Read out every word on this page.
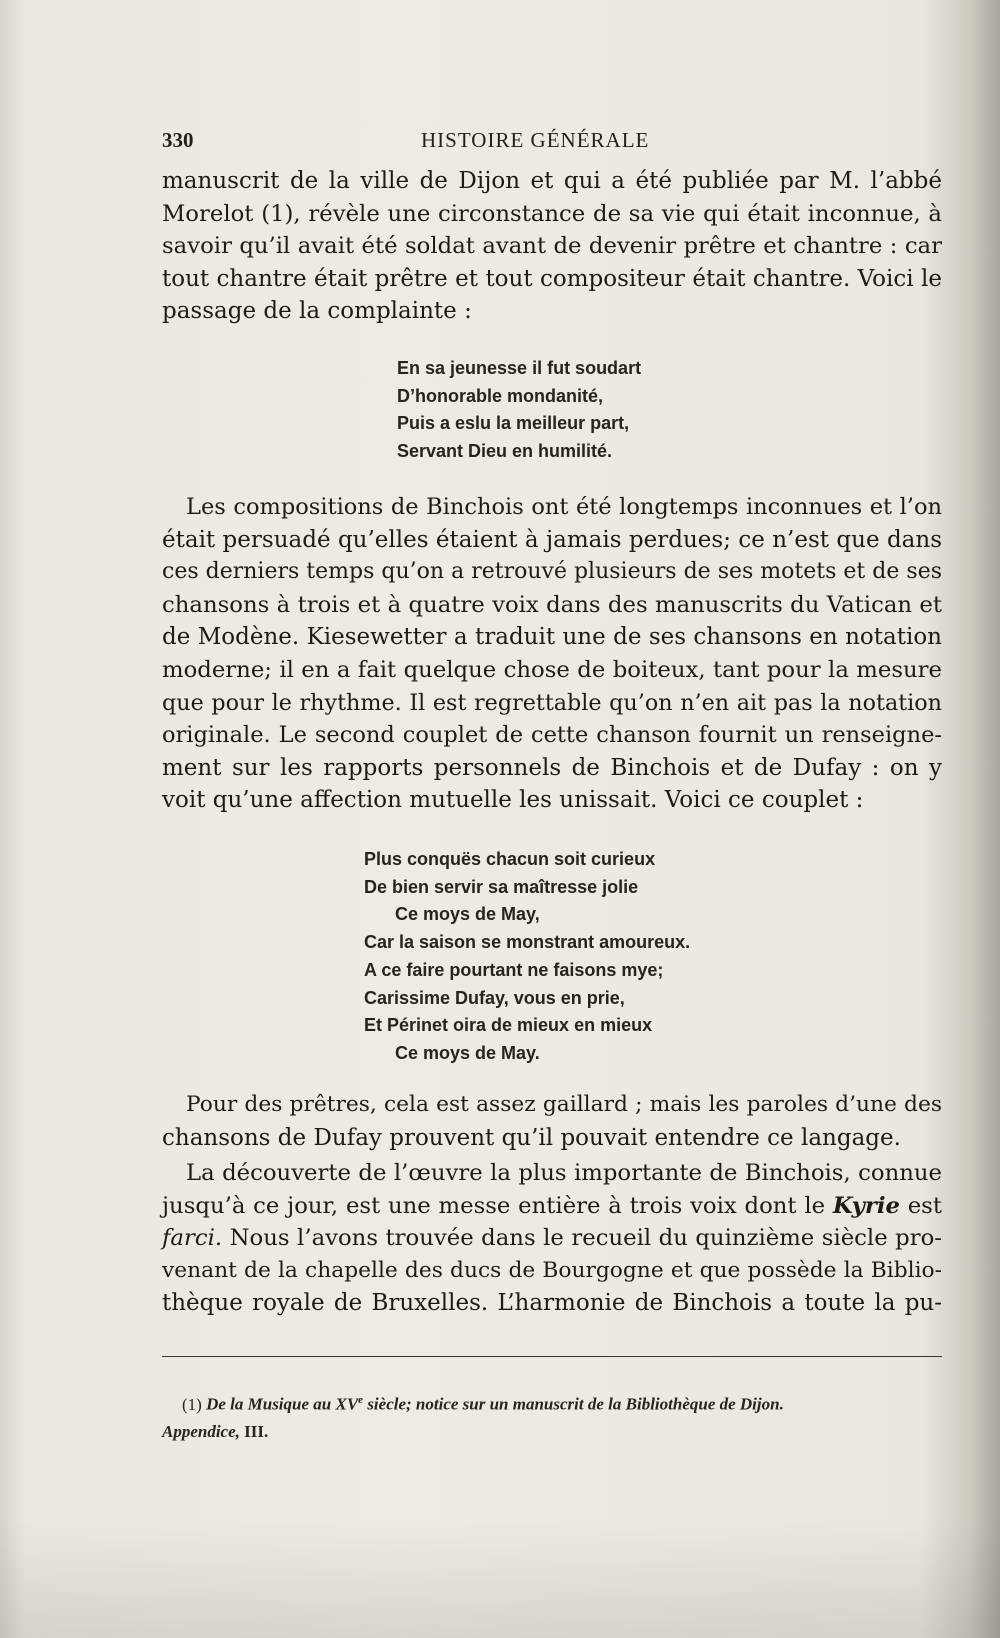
330	HISTOIRE GÉNÉRALE
manuscrit de la ville de Dijon et qui a été publiée par M. l’abbé
Morelot (1), révèle une circonstance de sa vie qui était inconnue, à
savoir qu’il avait été soldat avant de devenir prêtre et chantre : car
tout chantre était prêtre et tout compositeur était chantre. Voici le
passage de la complainte :
En sa jeunesse il fut soudart
D’honorable mondanité,
Puis a eslu la meilleur part,
Servant Dieu en humilité.
Les compositions de Binchois ont été longtemps inconnues et l’on
était persuadé qu’elles étaient à jamais perdues; ce n’est que dans
ces derniers temps qu’on a retrouvé plusieurs de ses motets et de ses
chansons à trois et à quatre voix dans des manuscrits du Vatican et
de Modène. Kiesewetter a traduit une de ses chansons en notation
moderne; il en a fait quelque chose de boiteux, tant pour la mesure
que pour le rhythme. Il est regrettable qu’on n’en ait pas la notation
originale. Le second couplet de cette chanson fournit un renseigne-
ment sur les rapports personnels de Binchois et de Dufay : on y
voit qu’une affection mutuelle les unissait. Voici ce couplet :
Plus conquës chacun soit curieux
De bien servir sa maîtresse jolie
Ce moys de May,
Car la saison se monstrant amoureux.
A ce faire pourtant ne faisons mye;
Carissime Dufay, vous en prie,
Et Périnet oira de mieux en mieux
Ce moys de May.
Pour des prêtres, cela est assez gaillard ; mais les paroles d’une des
chansons de Dufay prouvent qu’il pouvait entendre ce langage.
La découverte de l’œuvre la plus importante de Binchois, connue
jusqu’à ce jour, est une messe entière à trois voix dont le Kyrie est
farci. Nous l’avons trouvée dans le recueil du quinzième siècle pro-
venant de la chapelle des ducs de Bourgogne et que possède la Biblio-
thèque royale de Bruxelles. L’harmonie de Binchois a toute la pu-
(1) De la Musique au XVe siècle; notice sur un manuscrit de la Bibliothèque de Dijon.
Appendice, III.
